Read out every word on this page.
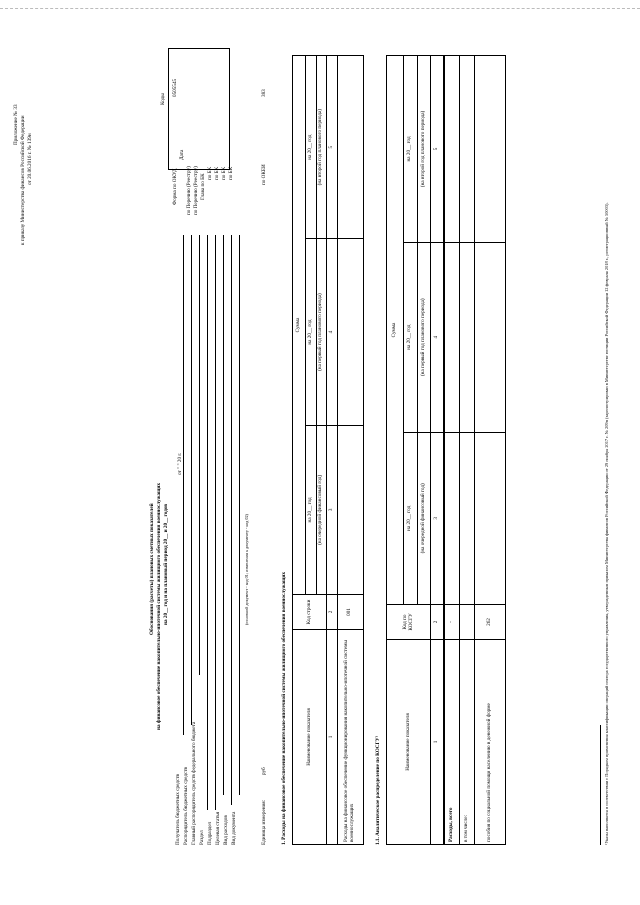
Приложение № 33 к приказу Министерства финансов Российской Федерации от 20.06.2016 г. № 139н
Обоснования (расчеты) плановых сметных показателей на финансовое обеспечение накопительно-ипотечной системы жилищного обеспечения военнослужащих на 20__ год и на плановый период 20__ и 20__ годов
от " " 20 г.
Коды
Получатель бюджетных средств Распорядитель бюджетных средств Главный распорядитель средств федерального бюджета Раздел Подраздел Целевая статья Вид расходов Вид документа
Форма по ОКУД
0505545
Дата
по Перечню (Реестру) по Перечню (Реестру) Глава по БК по БК по БК по БК по БК
(основной документ - код 01; изменения к документу - код 02)
Единица измерения:
руб
по ОКЕИ
383
1. Расходы на финансовое обеспечение накопительно-ипотечной системы жилищного обеспечения военнослужащих	Наименование показателя	Код строки	Сумма		
		на 20__ год	на 20__ год	на 20__ год
		(на очередной финансовый год)	(на первый год планового периода)	(на второй год планового периода)
1	2	3	4	5
Расходы на финансовое обеспечение функционирования накопительно-ипотечной системы военнослужащих	001			
1.1. Аналитическое распределение по КОСГУ¹	Наименование показателя	Код по КОСГУ	Сумма		
		на 20__ год	на 20__ год	на 20__ год
		(на очередной финансовый год)	(на первый год планового периода)	(на второй год планового периода)
1	2	3	4	5
Расходы, всего	-			
в том числе:				
пособия по социальной помощи населению в денежной форме	262				¹Указы наполнятся в соответствии с Порядком применения классификации операций сектора государственного управления, утвержденным приказом Министерства финансов Российской Федерации от 29 ноября 2017 г. № 209н (зарегистрирован в Министерстве юстиции Российской Федерации 12 февраля 2018 г., регистрационный № 50003).
